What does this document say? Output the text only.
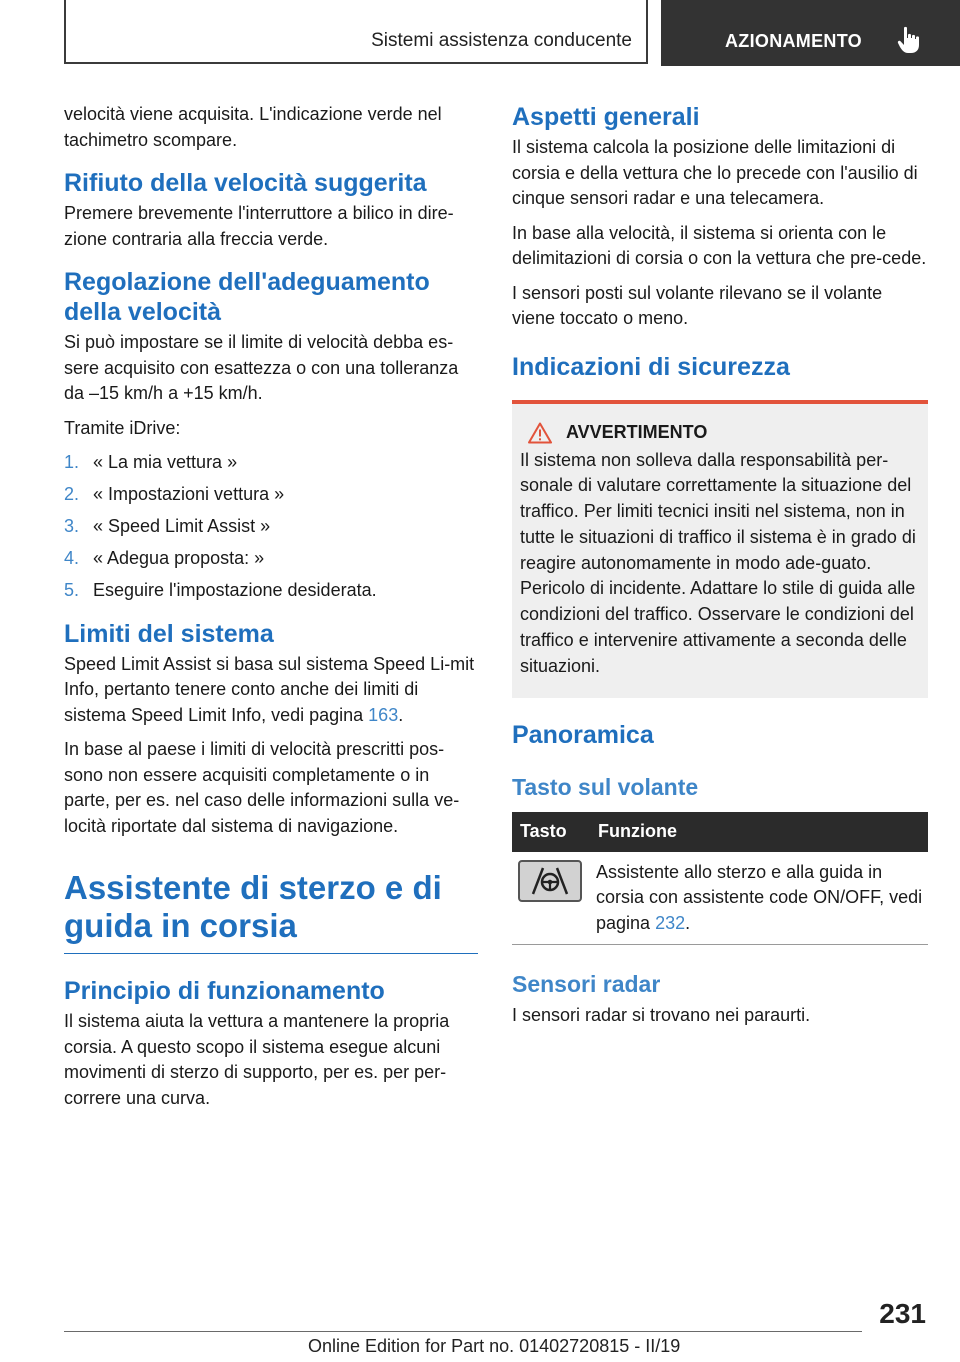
Sistemi assistenza conducente	AZIONAMENTO

velocità viene acquisita. L'indicazione verde nel tachimetro scompare.

Rifiuto della velocità suggerita

Premere brevemente l'interruttore a bilico in dire-zione contraria alla freccia verde.

Regolazione dell'adeguamento della velocità

Si può impostare se il limite di velocità debba es-sere acquisito con esattezza o con una tolleranza da –15 km/h a +15 km/h.

Tramite iDrive:

1. « La mia vettura »
2. « Impostazioni vettura »
3. « Speed Limit Assist »
4. « Adegua proposta: »
5. Eseguire l'impostazione desiderata.
Limiti del sistema

Speed Limit Assist si basa sul sistema Speed Li-mit Info, pertanto tenere conto anche dei limiti di sistema Speed Limit Info, vedi pagina 163.

In base al paese i limiti di velocità prescritti pos-sono non essere acquisiti completamente o in parte, per es. nel caso delle informazioni sulla ve-locità riportate dal sistema di navigazione.

Assistente di sterzo e di guida in corsia
Principio di funzionamento

Il sistema aiuta la vettura a mantenere la propria corsia. A questo scopo il sistema esegue alcuni movimenti di sterzo di supporto, per es. per per-correre una curva.

Aspetti generali

Il sistema calcola la posizione delle limitazioni di corsia e della vettura che lo precede con l'ausilio di cinque sensori radar e una telecamera.

In base alla velocità, il sistema si orienta con le delimitazioni di corsia o con la vettura che pre-cede.

I sensori posti sul volante rilevano se il volante viene toccato o meno.

Indicazioni di sicurezza
AVVERTIMENTO

Il sistema non solleva dalla responsabilità per-sonale di valutare correttamente la situazione del traffico. Per limiti tecnici insiti nel sistema, non in tutte le situazioni di traffico il sistema è in grado di reagire autonomamente in modo ade-guato. Pericolo di incidente. Adattare lo stile di guida alle condizioni del traffico. Osservare le condizioni del traffico e intervenire attivamente a seconda delle situazioni.

Panoramica
Tasto sul volante
Tasto	Funzione

	Assistente allo sterzo e alla guida in corsia con assistente code ON/OFF, vedi pagina 232.
Sensori radar

I sensori radar si trovano nei paraurti.

231
Online Edition for Part no. 01402720815 - II/19
